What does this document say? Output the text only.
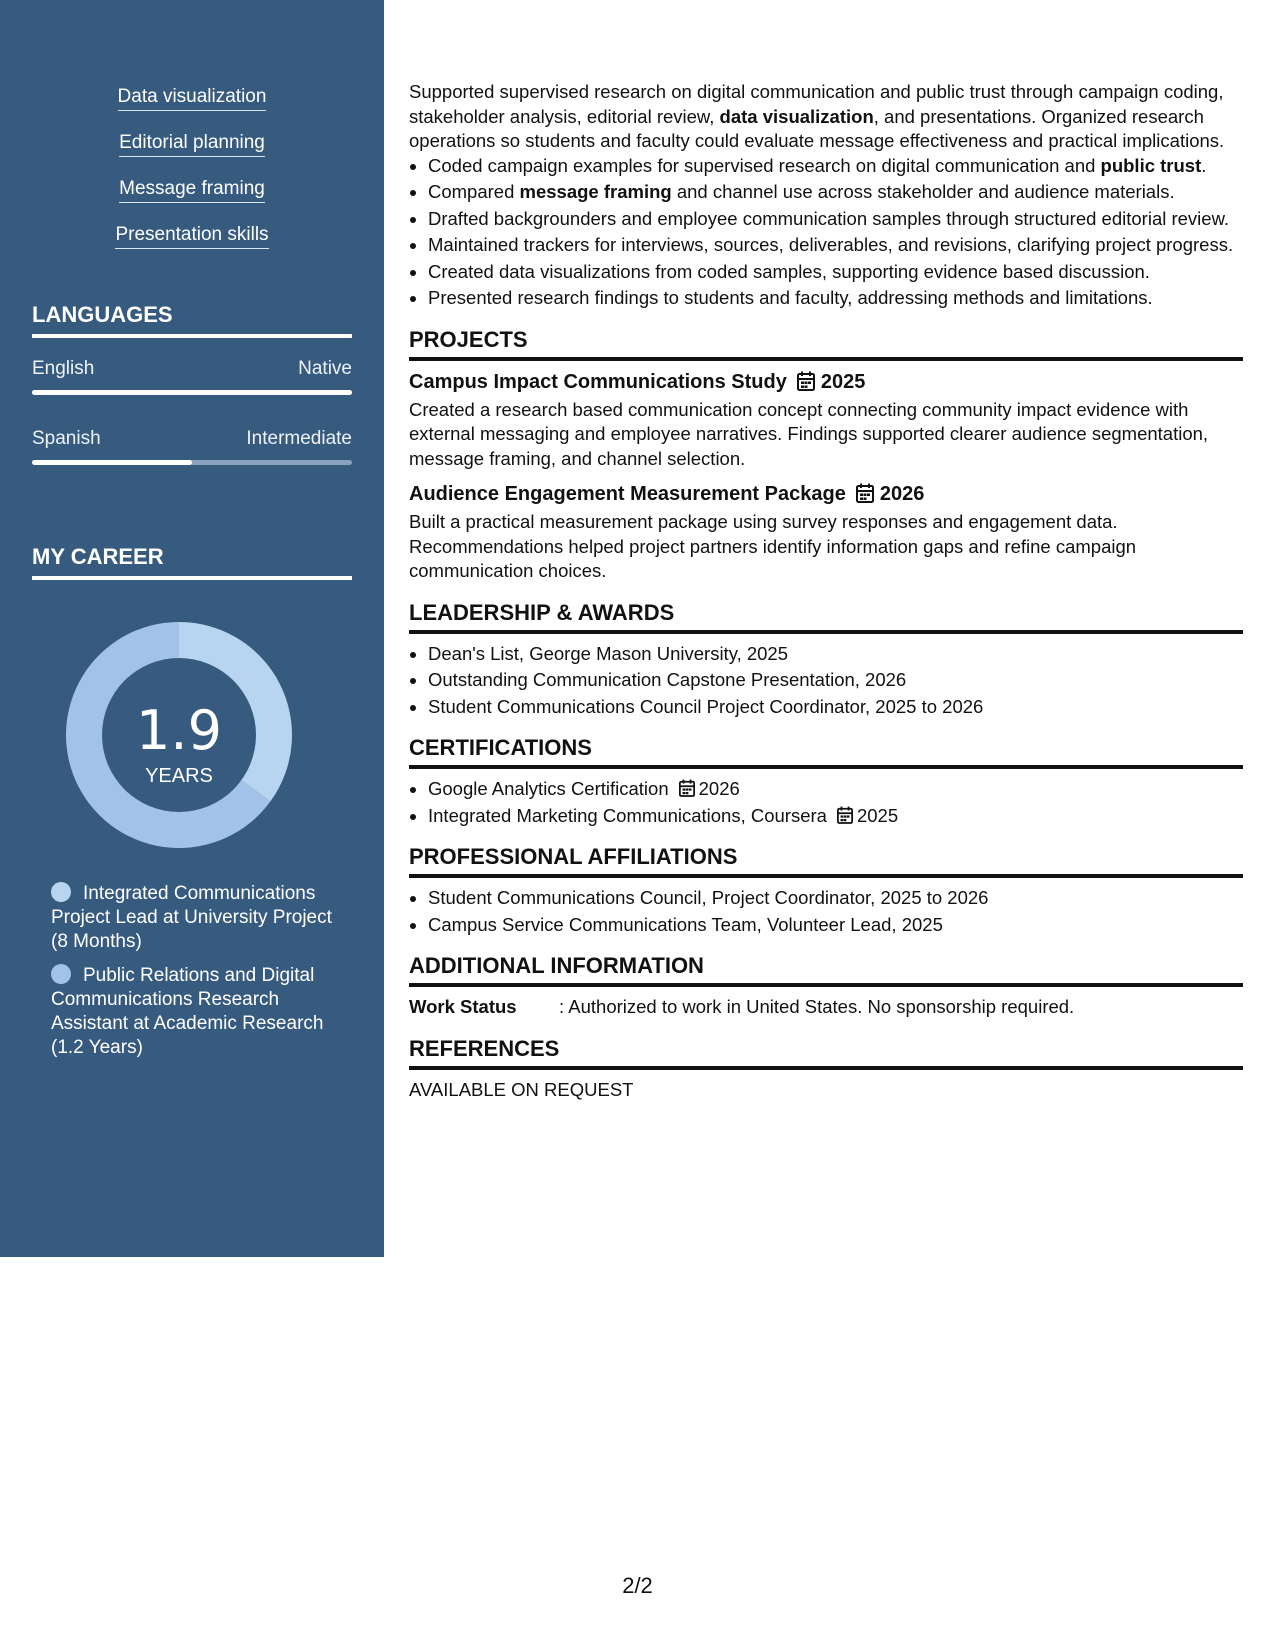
Data visualization
Editorial planning
Message framing
Presentation skills
LANGUAGES
English	Native
Spanish	Intermediate
MY CAREER
1.9
YEARS
Integrated Communications Project Lead at University Project (8 Months)
Public Relations and Digital Communications Research Assistant at Academic Research (1.2 Years)

Supported supervised research on digital communication and public trust through campaign coding, stakeholder analysis, editorial review, data visualization, and presentations. Organized research operations so students and faculty could evaluate message effectiveness and practical implications.

• Coded campaign examples for supervised research on digital communication and public trust.
• Compared message framing and channel use across stakeholder and audience materials.
• Drafted backgrounders and employee communication samples through structured editorial review.
• Maintained trackers for interviews, sources, deliverables, and revisions, clarifying project progress.
• Created data visualizations from coded samples, supporting evidence based discussion.
• Presented research findings to students and faculty, addressing methods and limitations.
PROJECTS
Campus Impact Communications Study 2025

Created a research based communication concept connecting community impact evidence with external messaging and employee narratives. Findings supported clearer audience segmentation, message framing, and channel selection.

Audience Engagement Measurement Package 2026

Built a practical measurement package using survey responses and engagement data. Recommendations helped project partners identify information gaps and refine campaign communication choices.

LEADERSHIP & AWARDS
• Dean's List, George Mason University, 2025
• Outstanding Communication Capstone Presentation, 2026
• Student Communications Council Project Coordinator, 2025 to 2026
CERTIFICATIONS
• Google Analytics Certification 2026
• Integrated Marketing Communications, Coursera 2025
PROFESSIONAL AFFILIATIONS
• Student Communications Council, Project Coordinator, 2025 to 2026
• Campus Service Communications Team, Volunteer Lead, 2025
ADDITIONAL INFORMATION

Work Status : Authorized to work in United States. No sponsorship required.

REFERENCES

AVAILABLE ON REQUEST

2/2
